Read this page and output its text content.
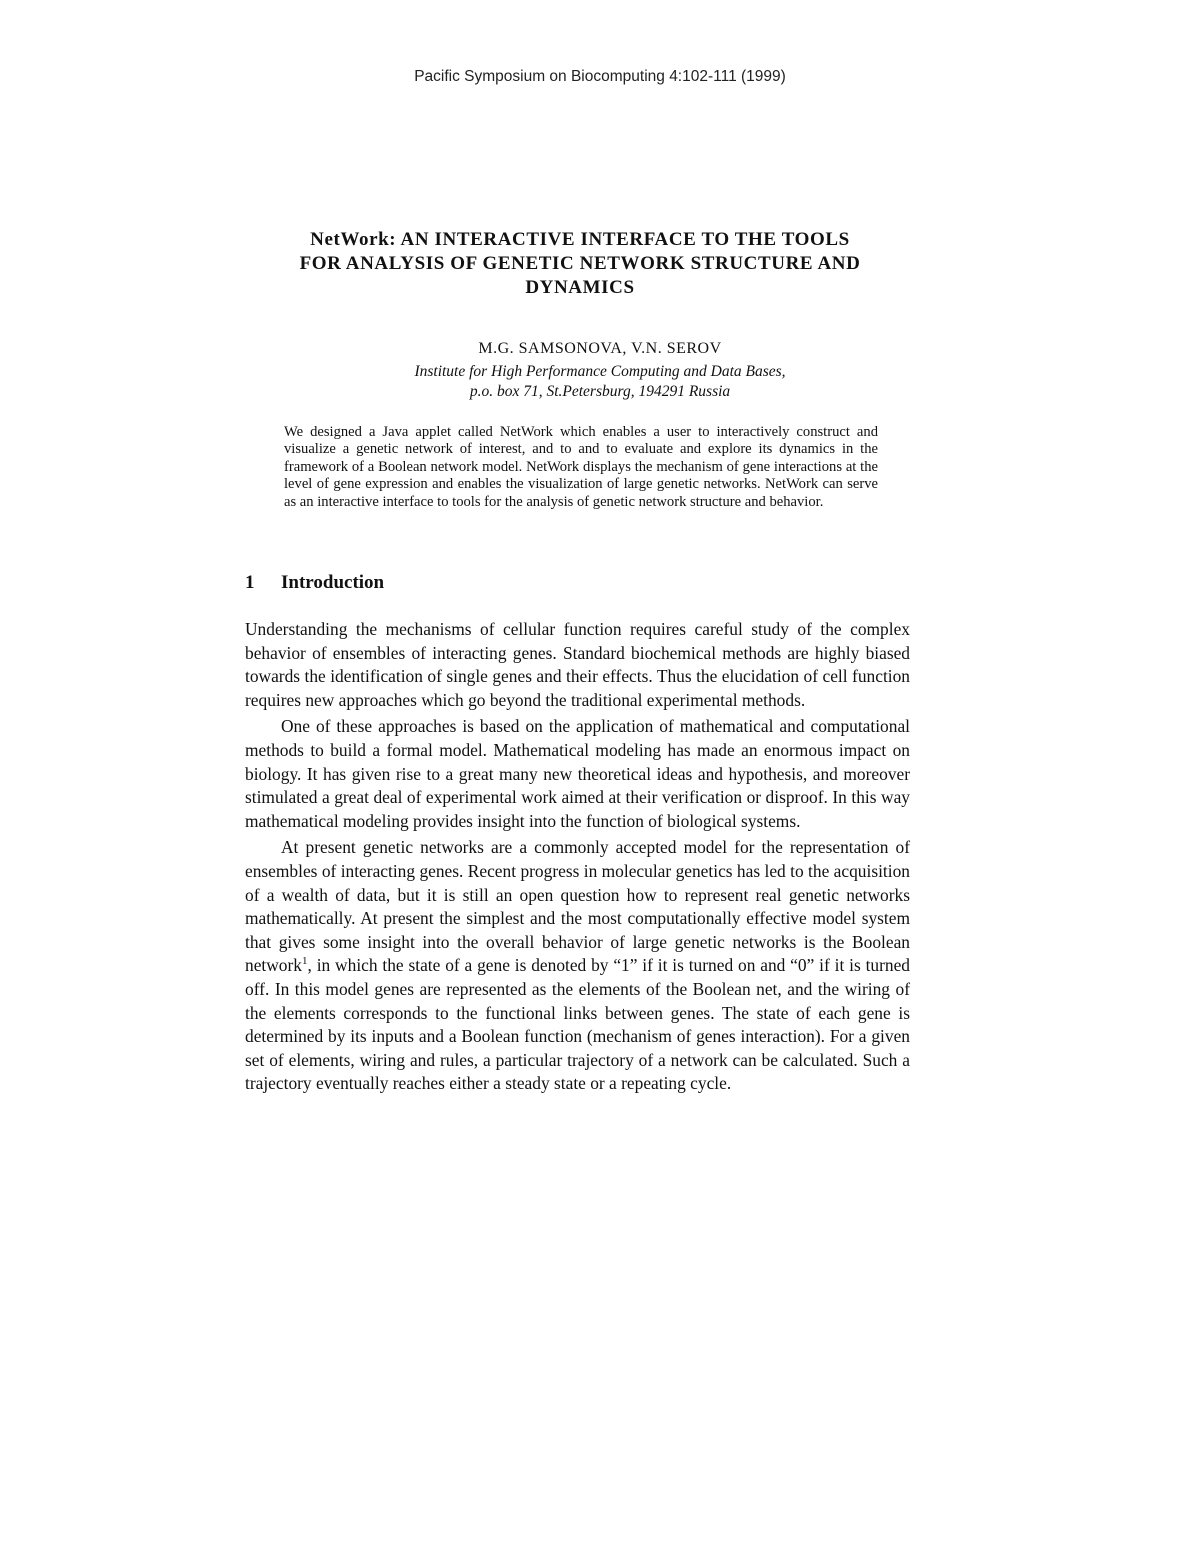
Pacific Symposium on Biocomputing 4:102-111 (1999)
NetWork: AN INTERACTIVE INTERFACE TO THE TOOLS
FOR ANALYSIS OF GENETIC NETWORK STRUCTURE AND
DYNAMICS
M.G. SAMSONOVA, V.N. SEROV
Institute for High Performance Computing and Data Bases,
p.o. box 71, St.Petersburg, 194291 Russia
We designed a Java applet called NetWork which enables a user to interactively construct and visualize a genetic network of interest, and to and to evaluate and explore its dynamics in the framework of a Boolean network model. NetWork displays the mechanism of gene interactions at the level of gene expression and enables the visualization of large genetic networks. NetWork can serve as an interactive interface to tools for the analysis of genetic network structure and behavior.
1 Introduction

Understanding the mechanisms of cellular function requires careful study of the complex behavior of ensembles of interacting genes. Standard biochemical methods are highly biased towards the identification of single genes and their effects. Thus the elucidation of cell function requires new approaches which go beyond the traditional experimental methods.

One of these approaches is based on the application of mathematical and computational methods to build a formal model. Mathematical modeling has made an enormous impact on biology. It has given rise to a great many new theoretical ideas and hypothesis, and moreover stimulated a great deal of experimental work aimed at their verification or disproof. In this way mathematical modeling provides insight into the function of biological systems.

At present genetic networks are a commonly accepted model for the representation of ensembles of interacting genes. Recent progress in molecular genetics has led to the acquisition of a wealth of data, but it is still an open question how to represent real genetic networks mathematically. At present the simplest and the most computationally effective model system that gives some insight into the overall behavior of large genetic networks is the Boolean network$^1$, in which the state of a gene is denoted by “1” if it is turned on and “0” if it is turned off. In this model genes are represented as the elements of the Boolean net, and the wiring of the elements corresponds to the functional links between genes. The state of each gene is determined by its inputs and a Boolean function (mechanism of genes interaction). For a given set of elements, wiring and rules, a particular trajectory of a network can be calculated. Such a trajectory eventually reaches either a steady state or a repeating cycle.
